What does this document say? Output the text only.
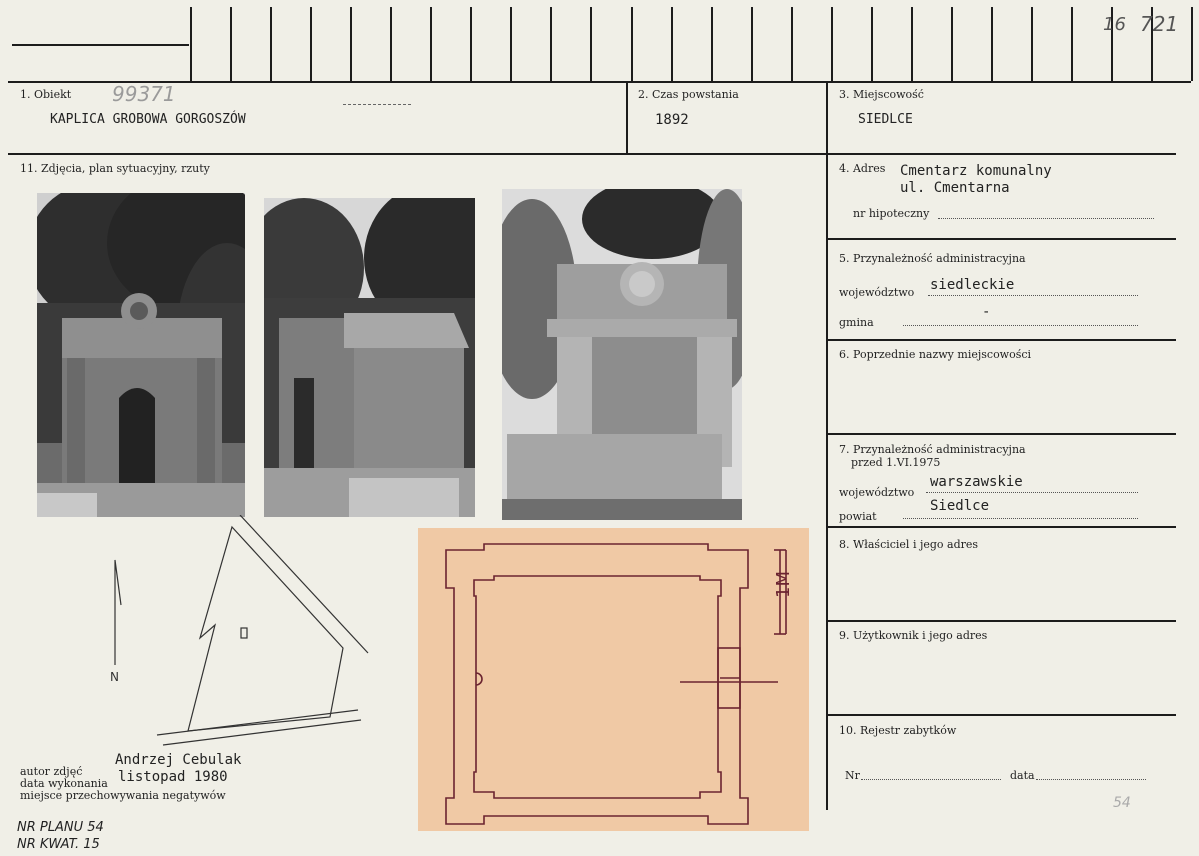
16 721
1. Obiekt 99371
KAPLICA GROBOWA GORGOSZÓW
2. Czas powstania
1892
3. Miejscowość
SIEDLCE
4. Adres Cmentarz komunalny
ul. Cmentarna
nr hipoteczny
5. Przynależność administracyjna
województwo siedleckie
gmina
-
6. Poprzednie nazwy miejscowości
7. Przynależność administracyjna
przed 1.VI.1975
województwo
warszawskie
powiat
Siedlce
8. Właściciel i jego adres
9. Użytkownik i jego adres
10. Rejestr zabytków
Nr	data
54
11. Zdjęcia, plan sytuacyjny, rzuty
N
1M
autor zdjęć
Andrzej Cebulak
data wykonania listopad 1980
miejsce przechowywania negatywów
NR PLANU 54
NR KWAT. 15
